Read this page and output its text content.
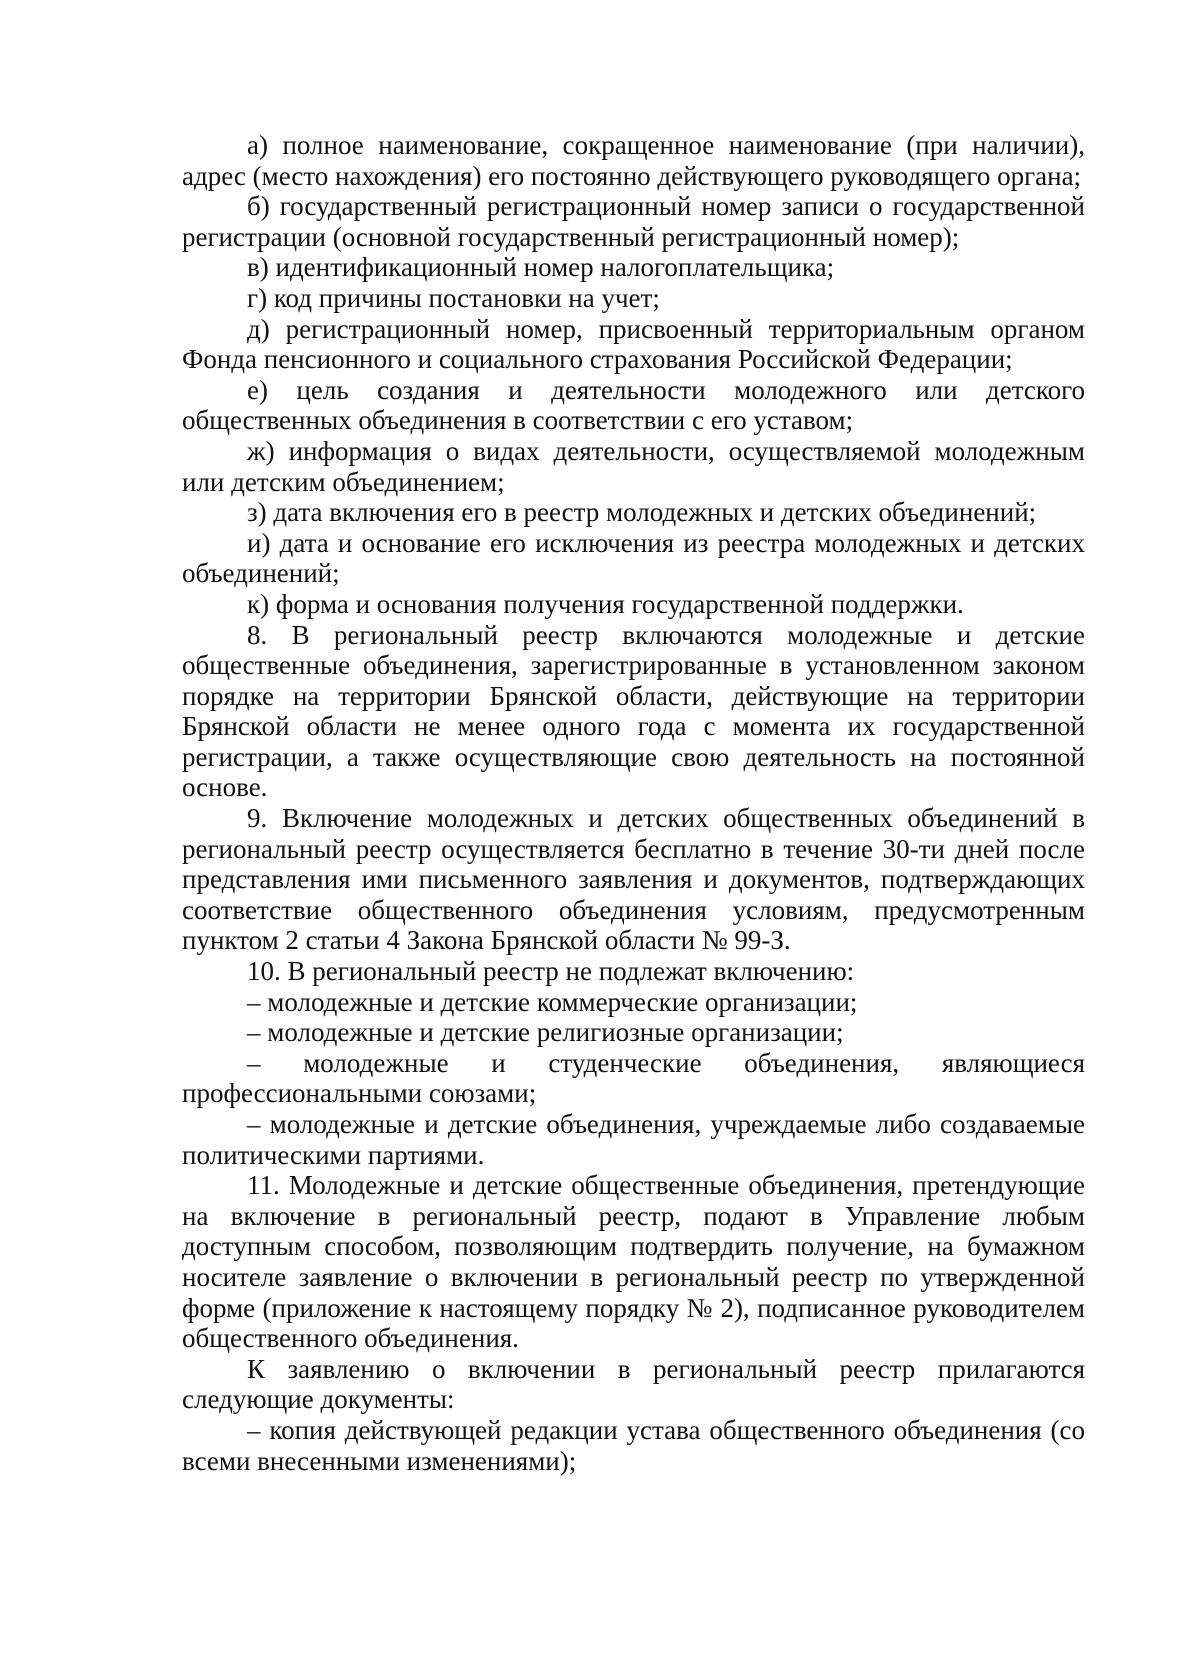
а) полное наименование, сокращенное наименование (при наличии), адрес (место нахождения) его постоянно действующего руководящего органа;

б) государственный регистрационный номер записи о государственной регистрации (основной государственный регистрационный номер);

в) идентификационный номер налогоплательщика;

г) код причины постановки на учет;

д) регистрационный номер, присвоенный территориальным органом Фонда пенсионного и социального страхования Российской Федерации;

е) цель создания и деятельности молодежного или детского общественных объединения в соответствии с его уставом;

ж) информация о видах деятельности, осуществляемой молодежным или детским объединением;

з) дата включения его в реестр молодежных и детских объединений;

и) дата и основание его исключения из реестра молодежных и детских объединений;

к) форма и основания получения государственной поддержки.

8. В региональный реестр включаются молодежные и детские общественные объединения, зарегистрированные в установленном законом порядке на территории Брянской области, действующие на территории Брянской области не менее одного года с момента их государственной регистрации, а также осуществляющие свою деятельность на постоянной основе.

9. Включение молодежных и детских общественных объединений в региональный реестр осуществляется бесплатно в течение 30-ти дней после представления ими письменного заявления и документов, подтверждающих соответствие общественного объединения условиям, предусмотренным пунктом 2 статьи 4 Закона Брянской области № 99-З.

10. В региональный реестр не подлежат включению:

– молодежные и детские коммерческие организации;

– молодежные и детские религиозные организации;

– молодежные и студенческие объединения, являющиеся профессиональными союзами;

– молодежные и детские объединения, учреждаемые либо создаваемые политическими партиями.

11. Молодежные и детские общественные объединения, претендующие на включение в региональный реестр, подают в Управление любым доступным способом, позволяющим подтвердить получение, на бумажном носителе заявление о включении в региональный реестр по утвержденной форме (приложение к настоящему порядку № 2), подписанное руководителем общественного объединения.

К заявлению о включении в региональный реестр прилагаются следующие документы:

– копия действующей редакции устава общественного объединения (со всеми внесенными изменениями);
